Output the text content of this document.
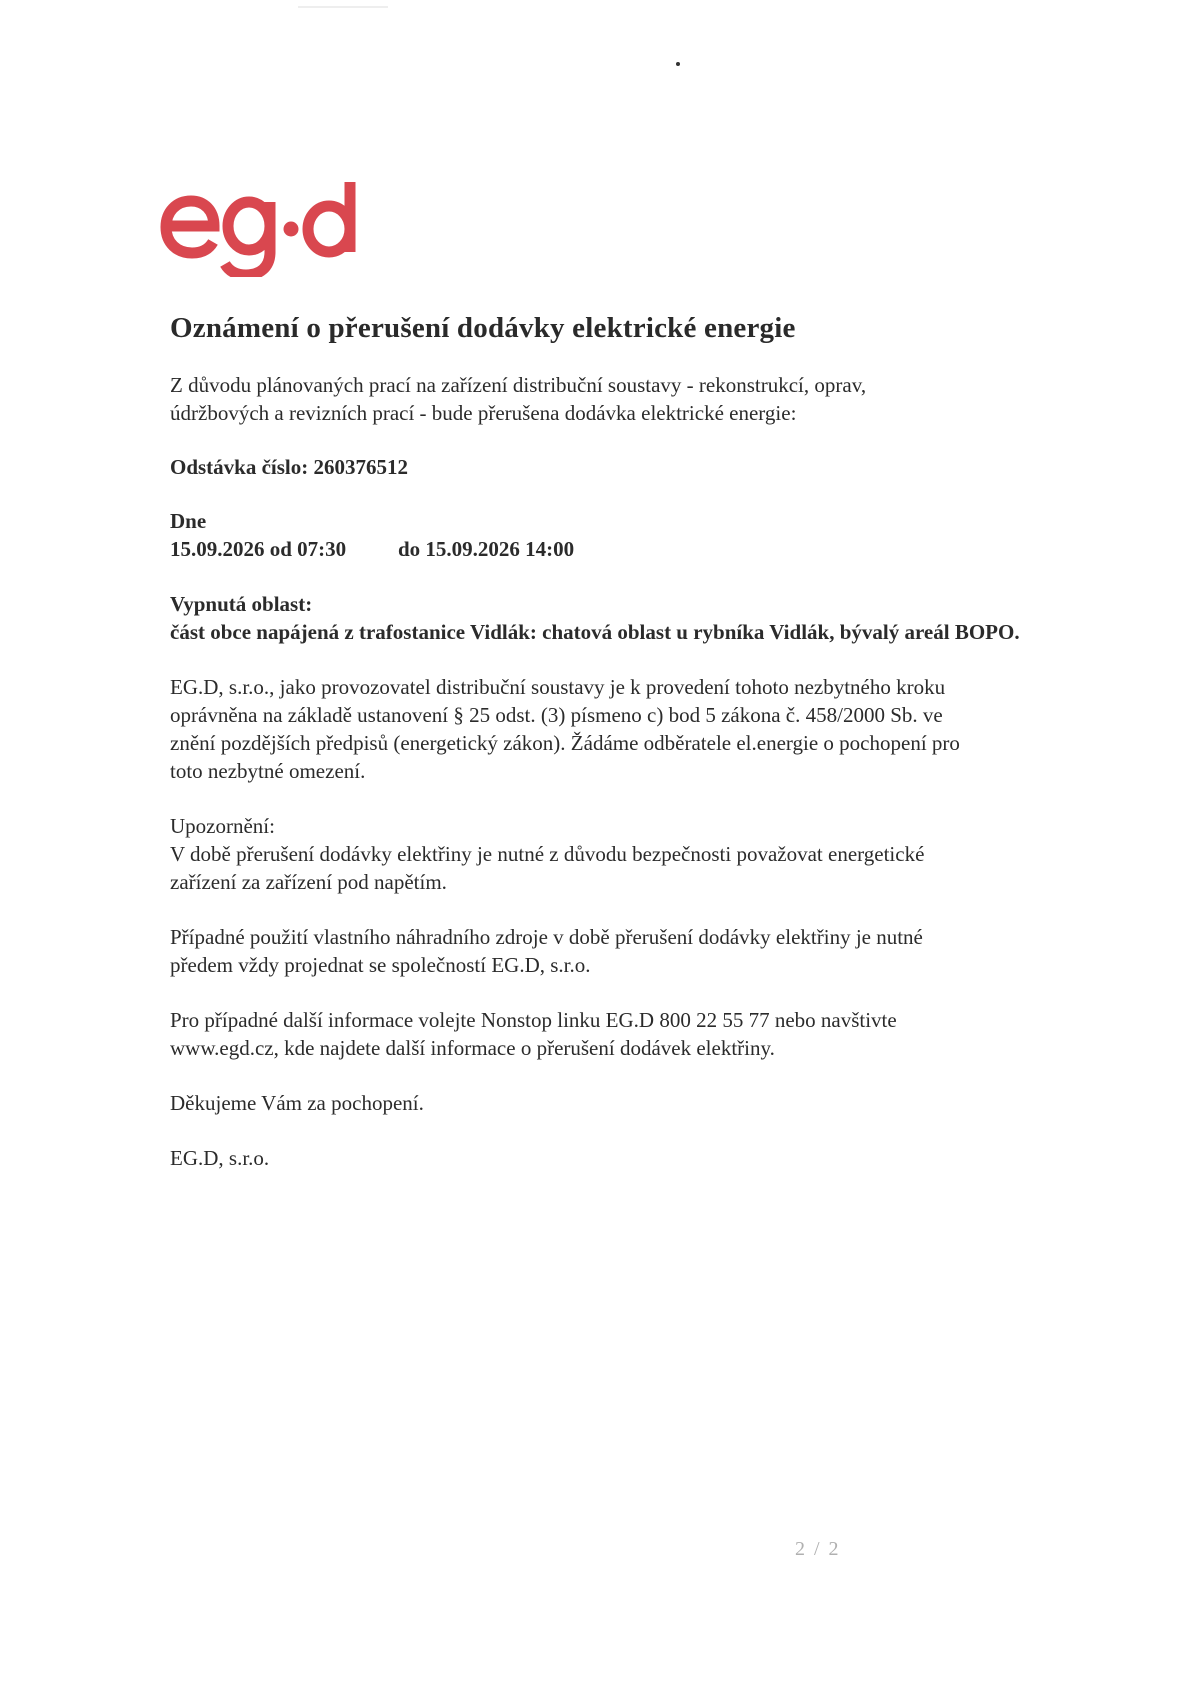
Oznámení o přerušení dodávky elektrické energie

Z důvodu plánovaných prací na zařízení distribuční soustavy - rekonstrukcí, oprav,

údržbových a revizních prací - bude přerušena dodávka elektrické energie:

Odstávka číslo: 260376512

Dne

15.09.2026 od 07:30 do 15.09.2026 14:00

Vypnutá oblast:

část obce napájená z trafostanice Vidlák: chatová oblast u rybníka Vidlák, bývalý areál BOPO.

EG.D, s.r.o., jako provozovatel distribuční soustavy je k provedení tohoto nezbytného kroku

oprávněna na základě ustanovení § 25 odst. (3) písmeno c) bod 5 zákona č. 458/2000 Sb. ve

znění pozdějších předpisů (energetický zákon). Žádáme odběratele el.energie o pochopení pro

toto nezbytné omezení.

Upozornění:

V době přerušení dodávky elektřiny je nutné z důvodu bezpečnosti považovat energetické

zařízení za zařízení pod napětím.

Případné použití vlastního náhradního zdroje v době přerušení dodávky elektřiny je nutné

předem vždy projednat se společností EG.D, s.r.o.

Pro případné další informace volejte Nonstop linku EG.D 800 22 55 77 nebo navštivte

www.egd.cz, kde najdete další informace o přerušení dodávek elektřiny.

Děkujeme Vám za pochopení.

EG.D, s.r.o.

2 / 2
